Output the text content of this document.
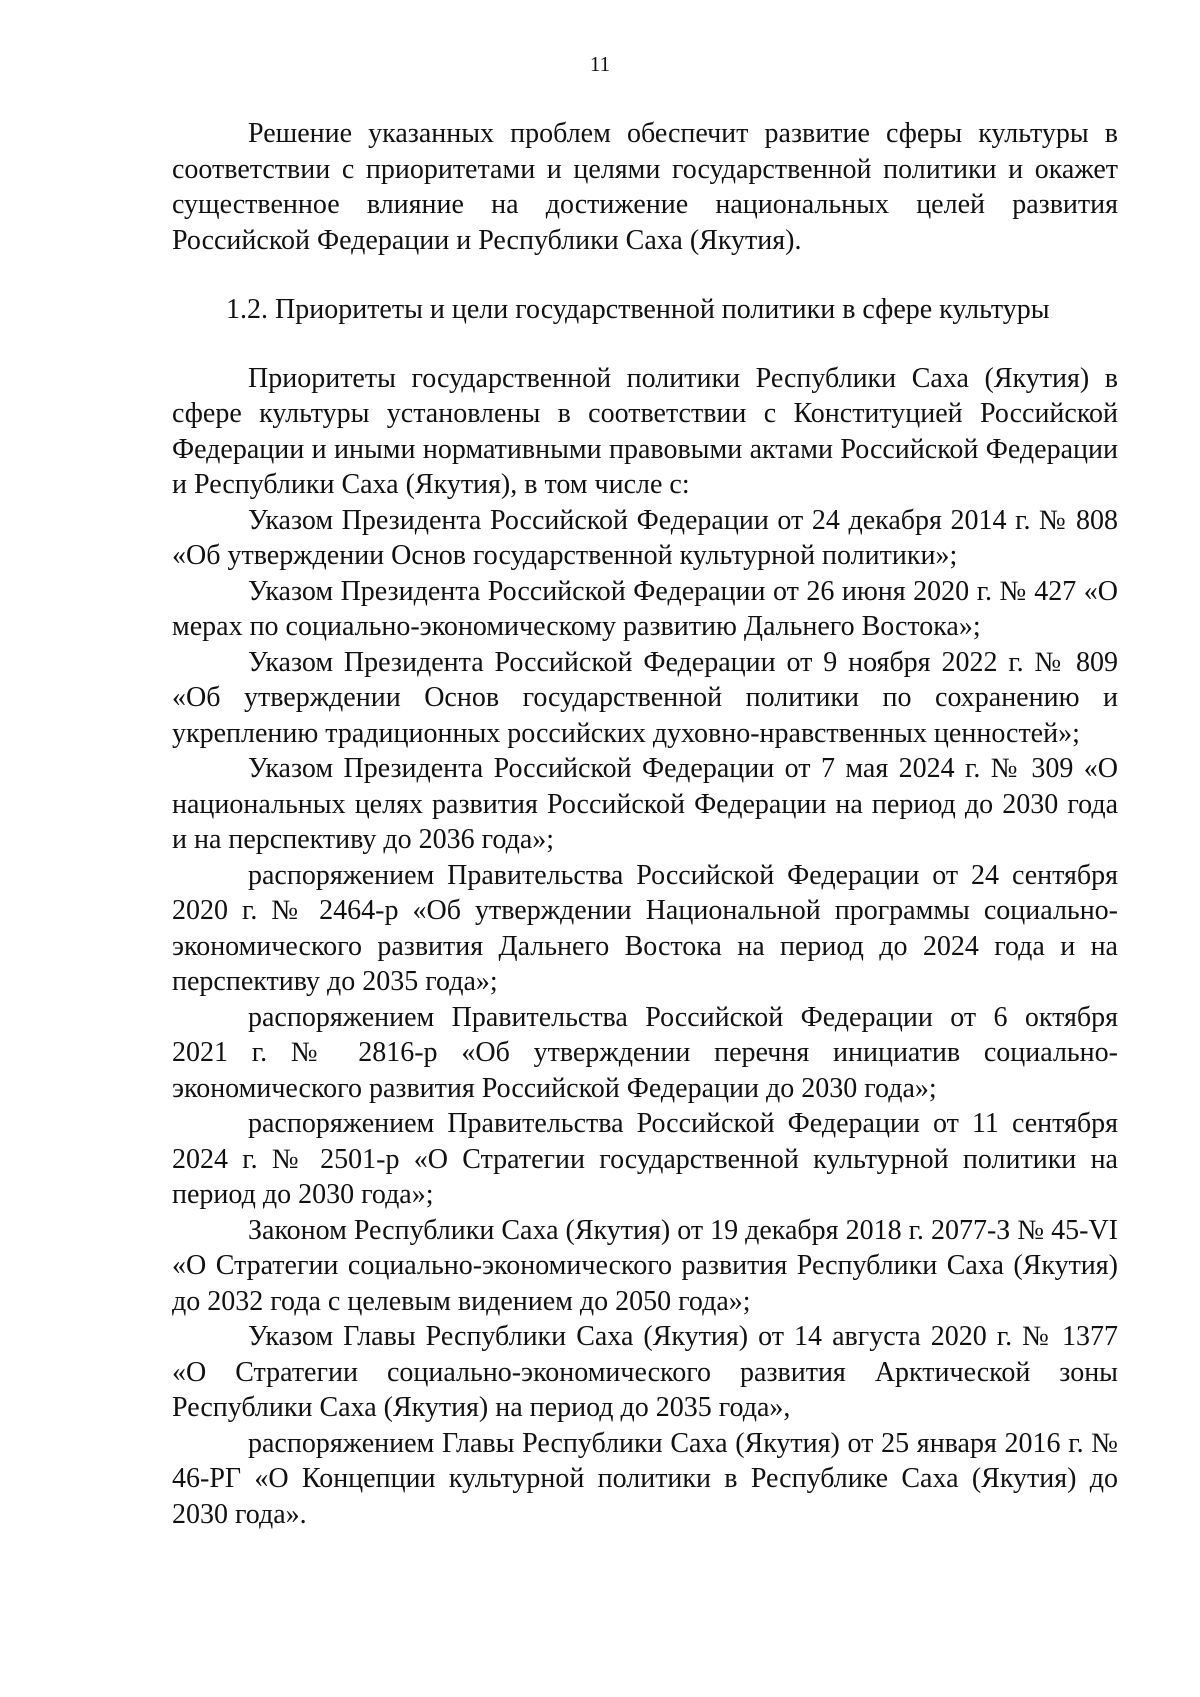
11

Решение указанных проблем обеспечит развитие сферы культуры в соответствии с приоритетами и целями государственной политики и окажет существенное влияние на достижение национальных целей развития Российской Федерации и Республики Саха (Якутия).

1.2. Приоритеты и цели государственной политики в сфере культуры

Приоритеты государственной политики Республики Саха (Якутия) в сфере культуры установлены в соответствии с Конституцией Российской Федерации и иными нормативными правовыми актами Российской Федерации и Республики Саха (Якутия), в том числе с:

Указом Президента Российской Федерации от 24 декабря 2014 г. № 808 «Об утверждении Основ государственной культурной политики»;

Указом Президента Российской Федерации от 26 июня 2020 г. № 427 «О мерах по социально-экономическому развитию Дальнего Востока»;

Указом Президента Российской Федерации от 9 ноября 2022 г. № 809 «Об утверждении Основ государственной политики по сохранению и укреплению традиционных российских духовно-нравственных ценностей»;

Указом Президента Российской Федерации от 7 мая 2024 г. № 309 «О национальных целях развития Российской Федерации на период до 2030 года и на перспективу до 2036 года»;

распоряжением Правительства Российской Федерации от 24 сентября 2020 г. № 2464-р «Об утверждении Национальной программы социально-экономического развития Дальнего Востока на период до 2024 года и на перспективу до 2035 года»;

распоряжением Правительства Российской Федерации от 6 октября 2021 г. № 2816-р «Об утверждении перечня инициатив социально-экономического развития Российской Федерации до 2030 года»;

распоряжением Правительства Российской Федерации от 11 сентября 2024 г. № 2501-р «О Стратегии государственной культурной политики на период до 2030 года»;

Законом Республики Саха (Якутия) от 19 декабря 2018 г. 2077-З № 45-VI «О Стратегии социально-экономического развития Республики Саха (Якутия) до 2032 года с целевым видением до 2050 года»;

Указом Главы Республики Саха (Якутия) от 14 августа 2020 г. № 1377 «О Стратегии социально-экономического развития Арктической зоны Республики Саха (Якутия) на период до 2035 года»,

распоряжением Главы Республики Саха (Якутия) от 25 января 2016 г. № 46-РГ «О Концепции культурной политики в Республике Саха (Якутия) до 2030 года».
